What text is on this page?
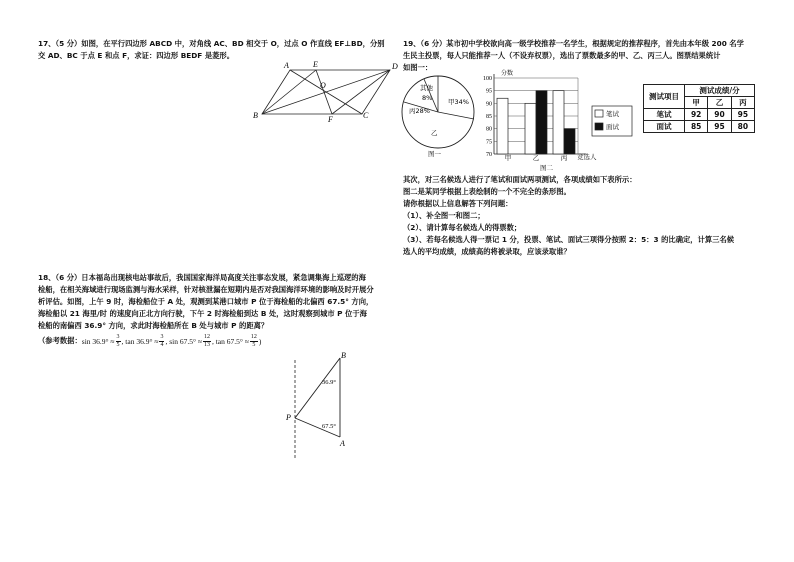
17、（5 分）如图，在平行四边形 ABCD 中，对角线 AC、BD 相交于 O，过点 O 作直线 EF⊥BD，分别
交 AD、BC 于点 E 和点 F，求证：四边形 BEDF 是菱形。
A	E	D
O
B	F	C
18、（6 分）日本福岛出现核电站事故后，我国国家海洋局高度关注事态发展，紧急调集海上巡逻的海
检船，在相关海域进行现场监测与海水采样，针对核泄漏在短期内是否对我国海洋环境的影响及时开展分
析评估。如图，上午 9 时，海检船位于 A 处，观测到某港口城市 P 位于海检船的北偏西 67.5° 方向，
海检船以 21 海里/时 的速度向正北方向行驶，下午 2 时海检船到达 B 处，这时观察到城市 P 位于海
检船的南偏西 36.9° 方向，求此时海检船所在 B 处与城市 P 的距离？
（参考数据： $\sin 36.9^\circ \approx \frac{3}{5}$ , $\tan 36.9^\circ \approx \frac{3}{4}$ , $\sin 67.5^\circ \approx \frac{12}{13}$ , $\tan 67.5^\circ \approx \frac{12}{5}$ )
B
A
P
36.9°
67.5°
19、（6 分）某市初中学校欲向高一级学校推荐一名学生，根据规定的推荐程序，首先由本年级 200 名学
生民主投票，每人只能推荐一人（不设弃权票），选出了票数最多的甲、乙、丙三人。图票结果统计
如图一：
其他
8% 甲34%
丙28%
乙
图一	70
75
80
85
90
95
100
甲	乙	丙
分数
竞选人
笔试
面试
图二
测试项目	测试成绩/分		
	甲	乙	丙
笔试	92	90	95
面试	85	95	80
其次，对三名候选人进行了笔试和面试两项测试，各项成绩如下表所示：
图二是某同学根据上表绘制的一个不完全的条形图。
请你根据以上信息解答下列问题：
（1）、补全图一和图二；
（2）、请计算每名候选人的得票数；
（3）、若每名候选人得一票记 1 分，投票、笔试、面试三项得分按照 2：5：3 的比确定，计算三名候
选人的平均成绩，成绩高的将被录取，应该录取谁？
